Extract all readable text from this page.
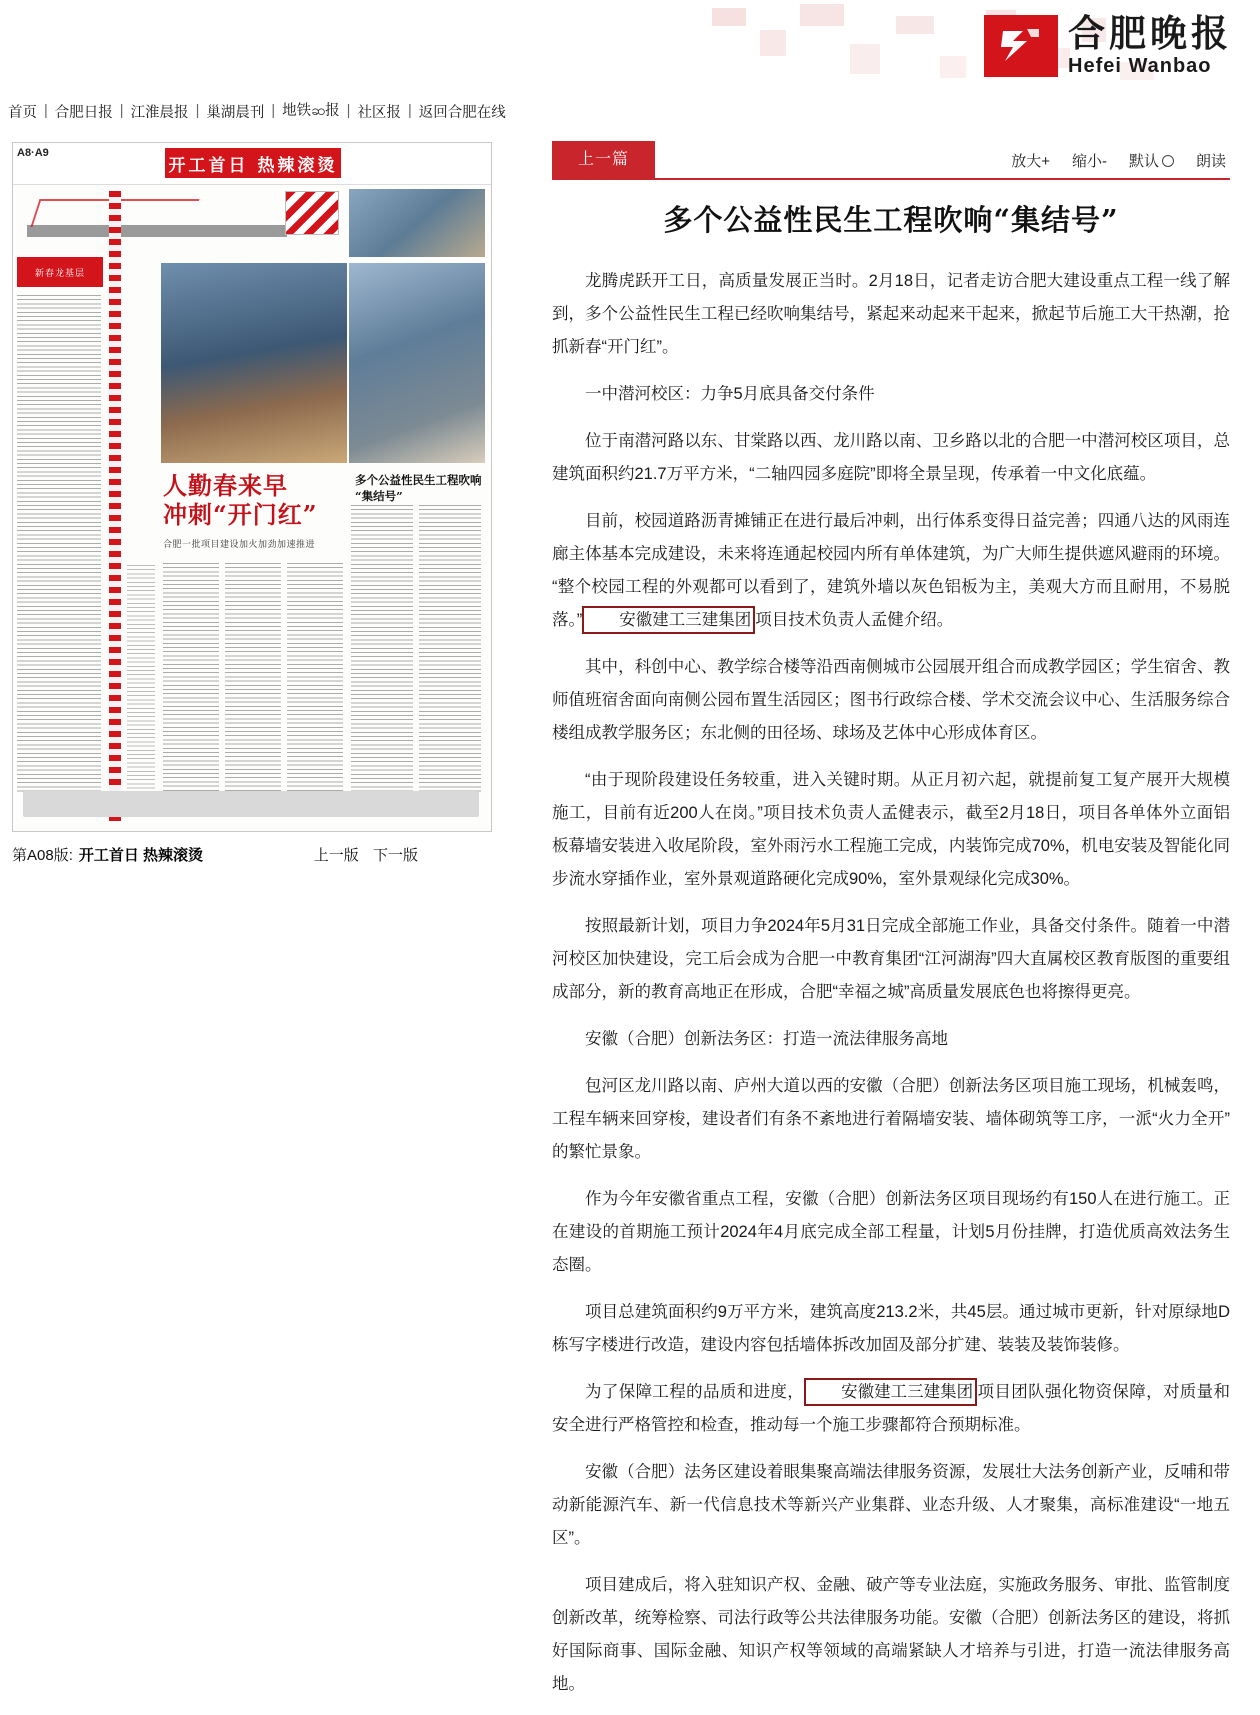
合肥晚报
Hefei Wanbao
首页 | 合肥日报 | 江淮晨报 | 巢湖晨刊 | 地铁ဆ报 | 社区报 | 返回合肥在线
A8·A9
开工首日 热辣滚烫
新春龙基层
人勤春来早
冲刺“开门红”
合肥一批项目建设加火加劲加速推进
多个公益性民生工程吹响“集结号”
第A08版: 开工首日 热辣滚烫	上一版 下一版
上一篇	放大+ 缩小- 默认	朗读
多个公益性民生工程吹响“集结号”

龙腾虎跃开工日，高质量发展正当时。2月18日，记者走访合肥大建设重点工程一线了解到，多个公益性民生工程已经吹响集结号，紧起来动起来干起来，掀起节后施工大干热潮，抢抓新春“开门红”。

一中潜河校区：力争5月底具备交付条件

位于南潜河路以东、甘棠路以西、龙川路以南、卫乡路以北的合肥一中潜河校区项目，总建筑面积约21.7万平方米，“二轴四园多庭院”即将全景呈现，传承着一中文化底蕴。

目前，校园道路沥青摊铺正在进行最后冲刺，出行体系变得日益完善；四通八达的风雨连廊主体基本完成建设，未来将连通起校园内所有单体建筑，为广大师生提供遮风避雨的环境。“整个校园工程的外观都可以看到了，建筑外墙以灰色铝板为主，美观大方而且耐用，不易脱落。” 安徽建工三建集团 项目技术负责人孟健介绍。

其中，科创中心、教学综合楼等沿西南侧城市公园展开组合而成教学园区；学生宿舍、教师值班宿舍面向南侧公园布置生活园区；图书行政综合楼、学术交流会议中心、生活服务综合楼组成教学服务区；东北侧的田径场、球场及艺体中心形成体育区。

“由于现阶段建设任务较重，进入关键时期。从正月初六起，就提前复工复产展开大规模施工，目前有近200人在岗。”项目技术负责人孟健表示，截至2月18日，项目各单体外立面铝板幕墙安装进入收尾阶段，室外雨污水工程施工完成，内装饰完成70%，机电安装及智能化同步流水穿插作业，室外景观道路硬化完成90%，室外景观绿化完成30%。

按照最新计划，项目力争2024年5月31日完成全部施工作业，具备交付条件。随着一中潜河校区加快建设，完工后会成为合肥一中教育集团“江河湖海”四大直属校区教育版图的重要组成部分，新的教育高地正在形成，合肥“幸福之城”高质量发展底色也将擦得更亮。

安徽（合肥）创新法务区：打造一流法律服务高地

包河区龙川路以南、庐州大道以西的安徽（合肥）创新法务区项目施工现场，机械轰鸣，工程车辆来回穿梭，建设者们有条不紊地进行着隔墙安装、墙体砌筑等工序，一派“火力全开”的繁忙景象。

作为今年安徽省重点工程，安徽（合肥）创新法务区项目现场约有150人在进行施工。正在建设的首期施工预计2024年4月底完成全部工程量，计划5月份挂牌，打造优质高效法务生态圈。

项目总建筑面积约9万平方米，建筑高度213.2米，共45层。通过城市更新，针对原绿地D栋写字楼进行改造，建设内容包括墙体拆改加固及部分扩建、装装及装饰装修。

为了保障工程的品质和进度， 安徽建工三建集团 项目团队强化物资保障，对质量和安全进行严格管控和检查，推动每一个施工步骤都符合预期标准。

安徽（合肥）法务区建设着眼集聚高端法律服务资源，发展壮大法务创新产业，反哺和带动新能源汽车、新一代信息技术等新兴产业集群、业态升级、人才聚集，高标准建设“一地五区”。

项目建成后，将入驻知识产权、金融、破产等专业法庭，实施政务服务、审批、监管制度创新改革，统筹检察、司法行政等公共法律服务功能。安徽（合肥）创新法务区的建设，将抓好国际商事、国际金融、知识产权等领域的高端紧缺人才培养与引进，打造一流法律服务高地。
